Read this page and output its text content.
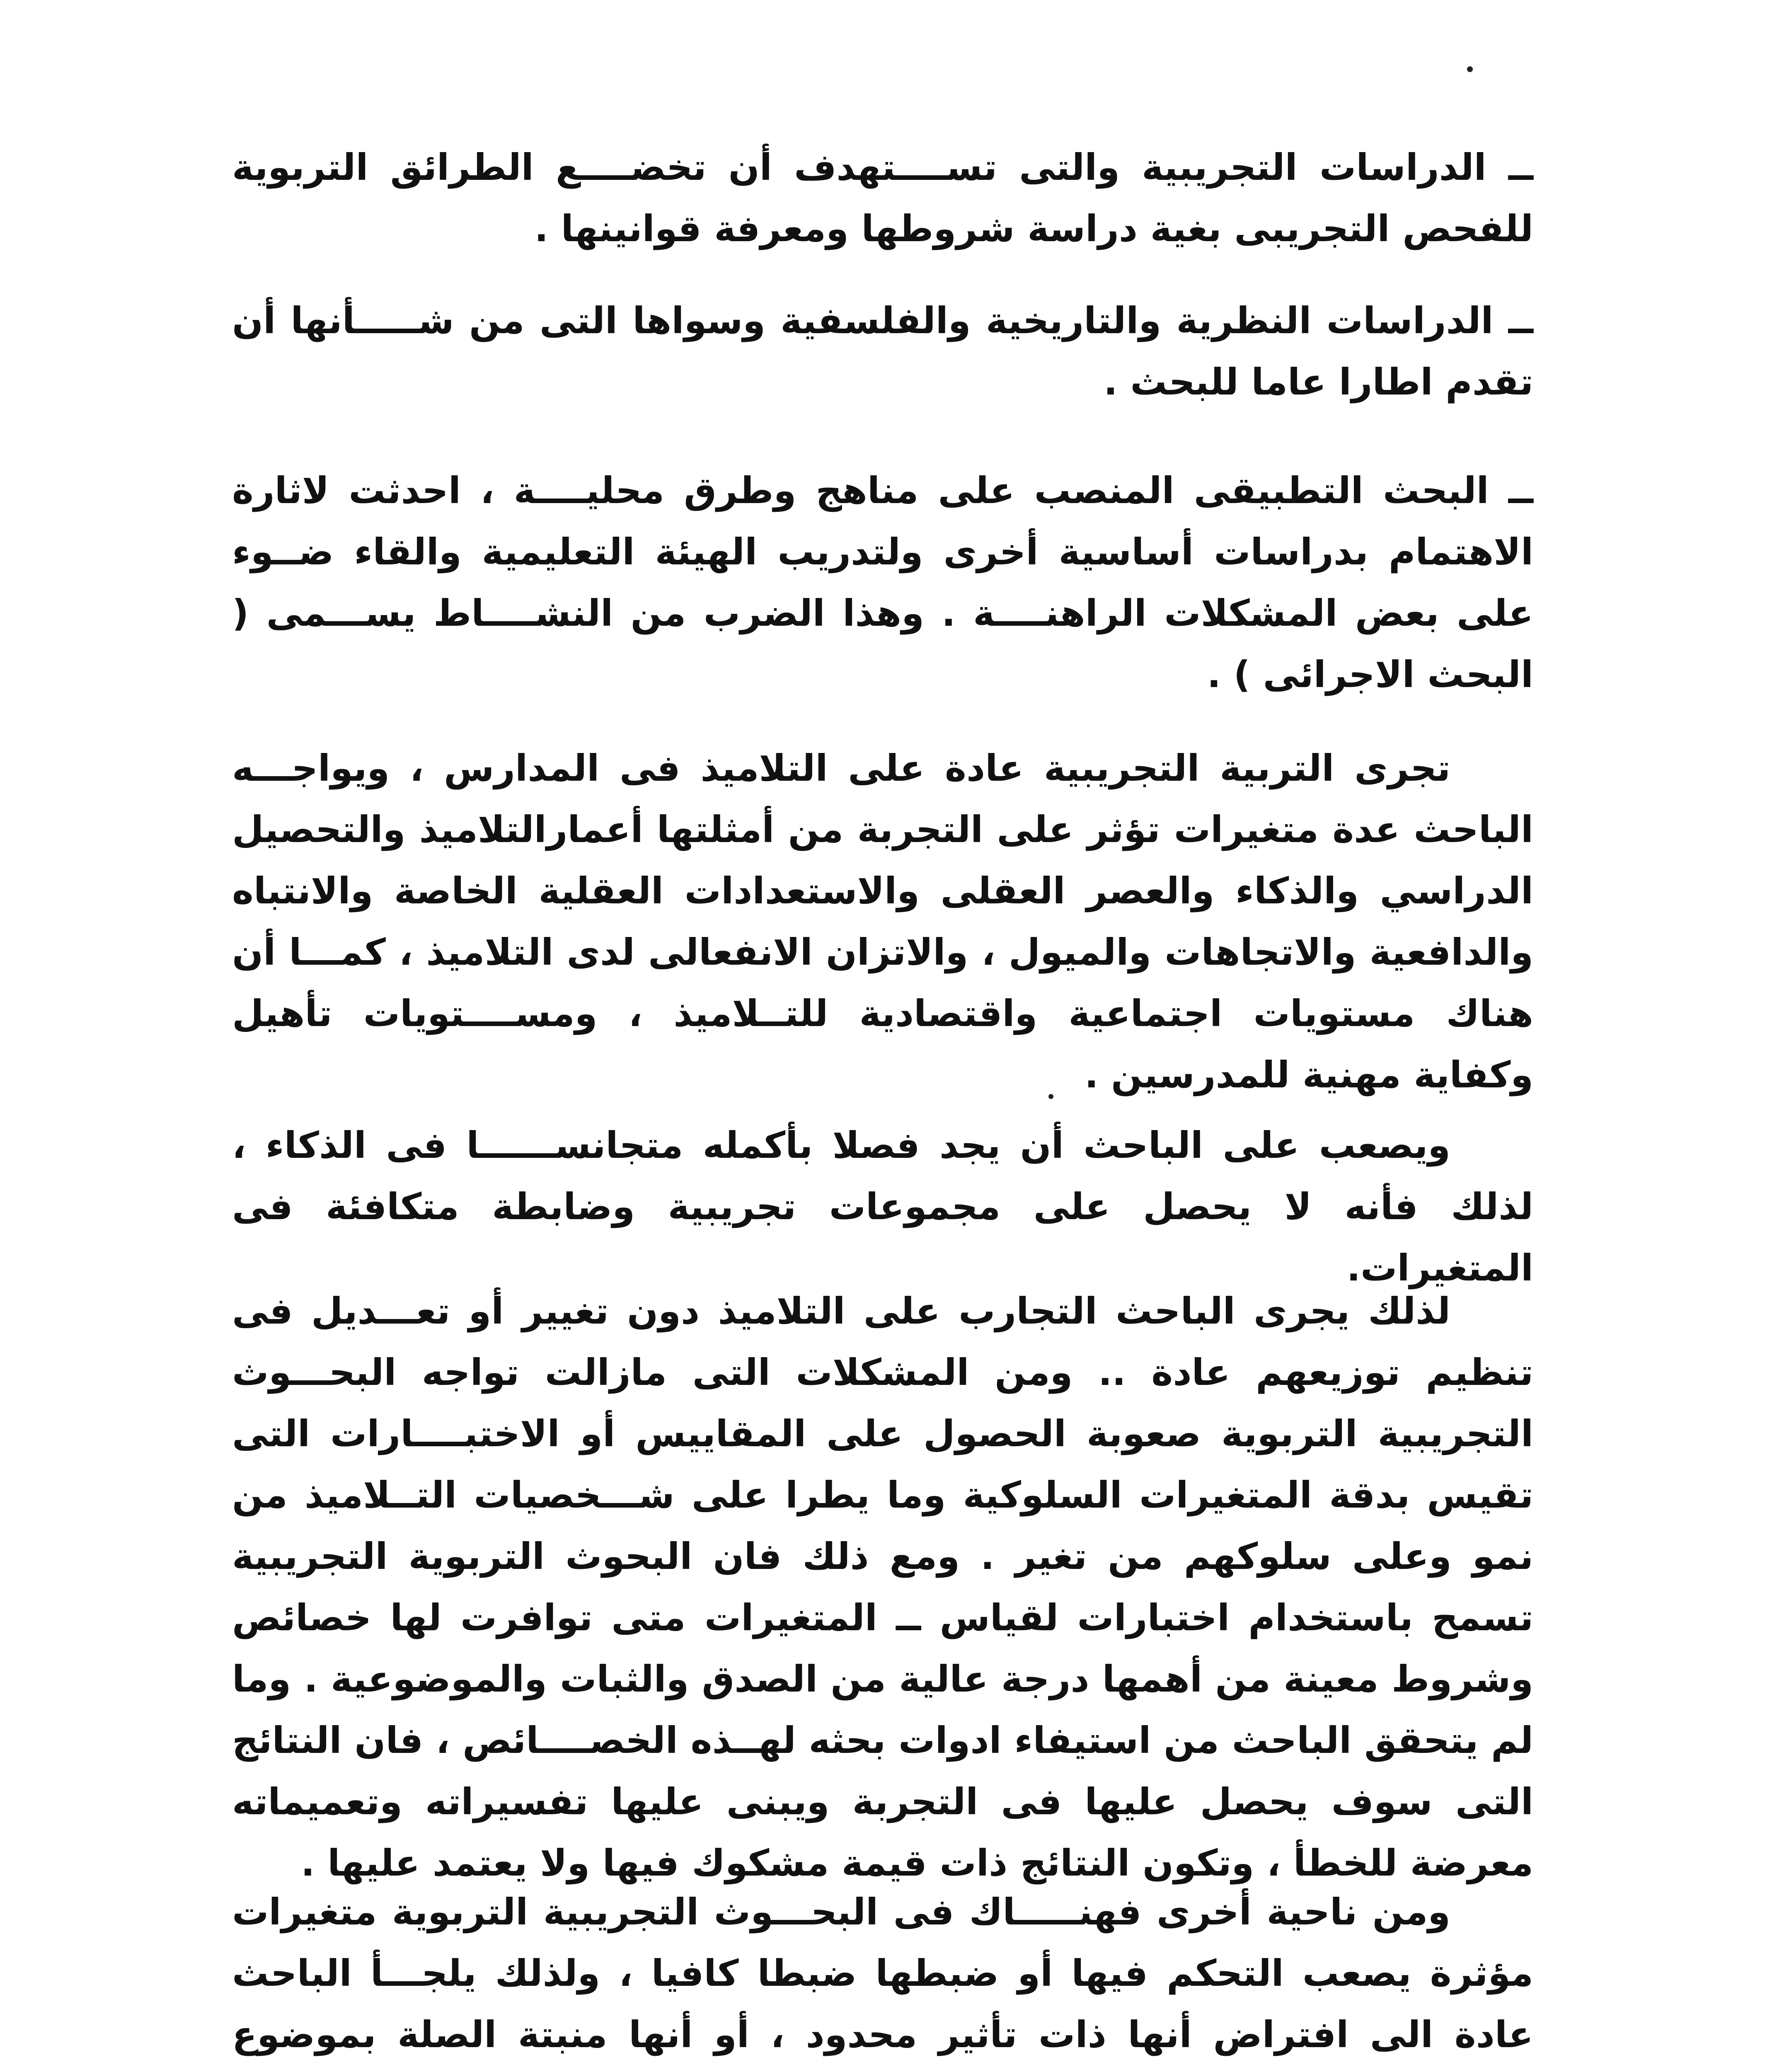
ــ الدراسات التجريبية والتى تســــتهدف أن تخضــــع الطرائق التربوية للفحص التجريبى بغية دراسة شروطها ومعرفة قوانينها .

ــ الدراسات النظرية والتاريخية والفلسفية وسواها التى من شـــــأنها أن تقدم اطارا عاما للبحث .

ــ البحث التطبيقى المنصب على مناهج وطرق محليــــة ، احدثت لاثارة الاهتمام بدراسات أساسية أخرى ولتدريب الهيئة التعليمية والقاء ضــوء على بعض المشكلات الراهنــــة . وهذا الضرب من النشــــاط يســـمى ( البحث الاجرائى ) .

تجرى التربية التجريبية عادة على التلاميذ فى المدارس ، ويواجـــه الباحث عدة متغيرات تؤثر على التجربة من أمثلتها أعمارالتلاميذ والتحصيل الدراسي والذكاء والعصر العقلى والاستعدادات العقلية الخاصة والانتباه والدافعية والاتجاهات والميول ، والاتزان الانفعالى لدى التلاميذ ، كمـــا أن هناك مستويات اجتماعية واقتصادية للتــلاميذ ، ومســــتويات تأهيل وكفاية مهنية للمدرسين .

ويصعب على الباحث أن يجد فصلا بأكمله متجانســــــا فى الذكاء ، لذلك فأنه لا يحصل على مجموعات تجريبية وضابطة متكافئة فى المتغيرات.

لذلك يجرى الباحث التجارب على التلاميذ دون تغيير أو تعـــديل فى تنظيم توزيعهم عادة .. ومن المشكلات التى مازالت تواجه البحـــوث التجريبية التربوية صعوبة الحصول على المقاييس أو الاختبــــارات التى تقيس بدقة المتغيرات السلوكية وما يطرا على شـــخصيات التــلاميذ من نمو وعلى سلوكهم من تغير . ومع ذلك فان البحوث التربوية التجريبية تسمح باستخدام اختبارات لقياس ــ المتغيرات متى توافرت لها خصائص وشروط معينة من أهمها درجة عالية من الصدق والثبات والموضوعية . وما لم يتحقق الباحث من استيفاء ادوات بحثه لهــذه الخصــــائص ، فان النتائج التى سوف يحصل عليها فى التجربة ويبنى عليها تفسيراته وتعميماته معرضة للخطأ ، وتكون النتائج ذات قيمة مشكوك فيها ولا يعتمد عليها .

ومن ناحية أخرى فهنـــــاك فى البحـــوث التجريبية التربوية متغيرات مؤثرة يصعب التحكم فيها أو ضبطها ضبطا كافيا ، ولذلك يلجـــأ الباحث عادة الى افتراض أنها ذات تأثير محدود ، أو أنها منبتة الصلة بموضوع
